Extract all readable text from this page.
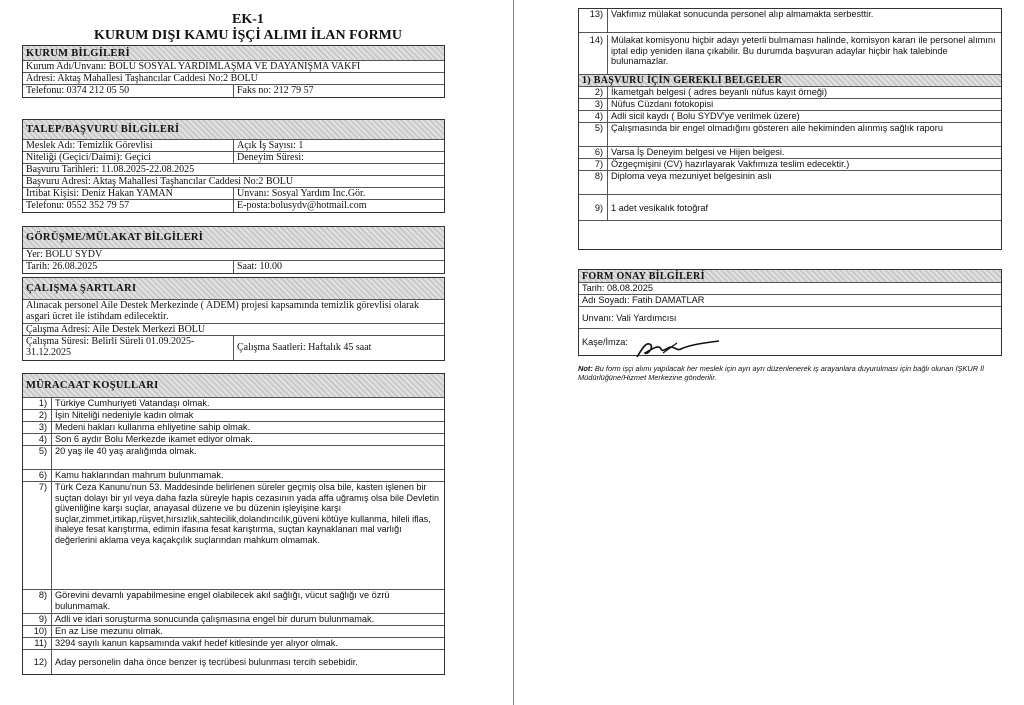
EK-1
KURUM DIŞI KAMU İŞÇİ ALIMI İLAN FORMU
KURUM BİLGİLERİ
Kurum Adı/Unvanı: BOLU SOSYAL YARDIMLAŞMA VE DAYANIŞMA VAKFI
Adresi: Aktaş Mahallesi Taşhancılar Caddesi No:2 BOLU
Telefonu: 0374 212 05 50	Faks no: 212 79 57
TALEP/BAŞVURU BİLGİLERİ
Meslek Adı: Temizlik Görevlisi	Açık İş Sayısı: 1
Niteliği (Geçici/Daimi): Geçici	Deneyim Süresi:
Başvuru Tarihleri: 11.08.2025-22.08.2025
Başvuru Adresi: Aktaş Mahallesi Taşhancılar Caddesi No:2 BOLU
İrtibat Kişisi: Deniz Hakan YAMAN	Unvanı: Sosyal Yardım İnc.Gör.
Telefonu: 0552 352 79 57	E-posta:bolusydv@hotmail.com
GÖRÜŞME/MÜLAKAT BİLGİLERİ
Yer: BOLU SYDV
Tarih: 26.08.2025	Saat: 10.00
ÇALIŞMA ŞARTLARI
Alınacak personel Aile Destek Merkezinde ( ADEM) projesi kapsamında temizlik görevlisi olarak asgari ücret ile istihdam edilecektir.
Çalışma Adresi: Aile Destek Merkezi BOLU
Çalışma Süresi: Belirli Süreli 01.09.2025-31.12.2025	Çalışma Saatleri: Haftalık 45 saat
MÜRACAAT KOŞULLARI
1) Türkiye Cumhuriyeti Vatandaşı olmak.
2) İşin Niteliği nedeniyle kadın olmak
3) Medeni hakları kullanma ehliyetine sahip olmak.
4) Son 6 aydır Bolu Merkezde ikamet ediyor olmak.
5) 20 yaş ile 40 yaş aralığında olmak.
6) Kamu haklarından mahrum bulunmamak.
7) Türk Ceza Kanunu'nun 53. Maddesinde belirlenen süreler geçmiş olsa bile, kasten işlenen bir suçtan dolayı bir yıl veya daha fazla süreyle hapis cezasının yada affa uğramış olsa bile Devletin güvenliğine karşı suçlar, anayasal düzene ve bu düzenin işleyişine karşı suçlar,zimmet,irtikap,rüşvet,hırsızlık,sahtecilik,dolandırıcılık,güveni kötüye kullanma, hileli iflas, ihaleye fesat karıştırma, edimin ifasına fesat karıştırma, suçtan kaynaklanan mal varlığı değerlerini aklama veya kaçakçılık suçlarından mahkum olmamak.
8) Görevini devamlı yapabilmesine engel olabilecek akıl sağlığı, vücut sağlığı ve özrü bulunmamak.
9) Adli ve idari soruşturma sonucunda çalışmasına engel bir durum bulunmamak.
10) En az Lise mezunu olmak.
11) 3294 sayılı kanun kapsamında vakıf hedef kitlesinde yer alıyor olmak.
12) Aday personelin daha önce benzer iş tecrübesi bulunması tercih sebebidir.
13) Vakfımız mülakat sonucunda personel alıp almamakta serbesttir.
14) Mülakat komisyonu hiçbir adayı yeterli bulmaması halinde, komisyon kararı ile personel alımını iptal edip yeniden ilana çıkabilir. Bu durumda başvuran adaylar hiçbir hak talebinde bulunamazlar.
1) BAŞVURU İÇİN GEREKLİ BELGELER
2) İkametgah belgesi ( adres beyanlı nüfus kayıt örneği)
3) Nüfus Cüzdanı fotokopisi
4) Adli sicil kaydı ( Bolu SYDV'ye verilmek üzere)
5) Çalışmasında bir engel olmadığını gösteren aile hekiminden alınmış sağlık raporu
6) Varsa İş Deneyim belgesi ve Hijen belgesi.
7) Özgeçmişini (CV) hazırlayarak Vakfımıza teslim edecektir.)
8) Diploma veya mezuniyet belgesinin aslı
9) 1 adet vesikalık fotoğraf
FORM ONAY BİLGİLERİ
Tarih: 08.08.2025
Adı Soyadı: Fatih DAMATLAR
Unvanı: Vali Yardımcısı
Kaşe/İmza:
Not: Bu form işçi alımı yapılacak her meslek için ayrı ayrı düzenlenerek iş arayanlara duyurulması için bağlı olunan İŞKUR İl Müdürlüğüne/Hizmet Merkezine gönderilir.
